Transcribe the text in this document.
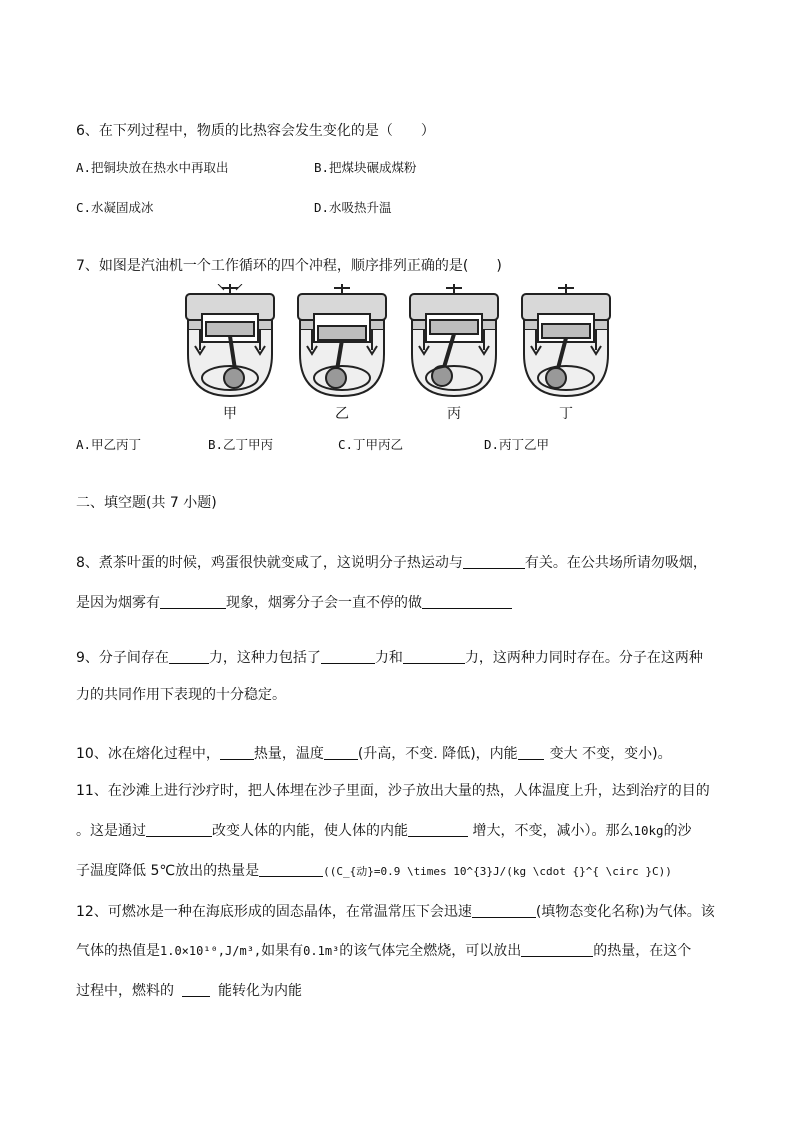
6、在下列过程中，物质的比热容会发生变化的是（　　）
A.把铜块放在热水中再取出	B.把煤块碾成煤粉
C.水凝固成冰	D.水吸热升温
7、如图是汽油机一个工作循环的四个冲程，顺序排列正确的是(　　)
甲	乙	丙	丁
A.甲乙丙丁	B.乙丁甲丙	C.丁甲丙乙	D.丙丁乙甲
二、填空题(共 7 小题)
8、煮茶叶蛋的时候，鸡蛋很快就变咸了，这说明分子热运动与	有关。在公共场所请勿吸烟，
是因为烟雾有	现象，烟雾分子会一直不停的做
9、分子间存在	力，这种力包括了	力和	力，这两种力同时存在。分子在这两种
力的共同作用下表现的十分稳定。
10、冰在熔化过程中， 热量，温度 (升高，不变. 降低)，内能 变大 不变，变小)。
11、在沙滩上进行沙疗时，把人体埋在沙子里面，沙子放出大量的热，人体温度上升，达到治疗的目的
。这是通过	改变人体的内能，使人体的内能	增大，不变，减小）。那么10kg的沙
子温度降低 5℃放出的热量是	((C_{动}=0.9 \times 10^{3}J/(kg \cdot {}^{ \circ }C))
12、可燃冰是一种在海底形成的固态晶体，在常温常压下会迅速	(填物态变化名称)为气体。该
气体的热值是1.0×10¹⁰,J/m³,如果有0.1m³的该气体完全燃烧，可以放出	的热量，在这个
过程中，燃料的	能转化为内能
